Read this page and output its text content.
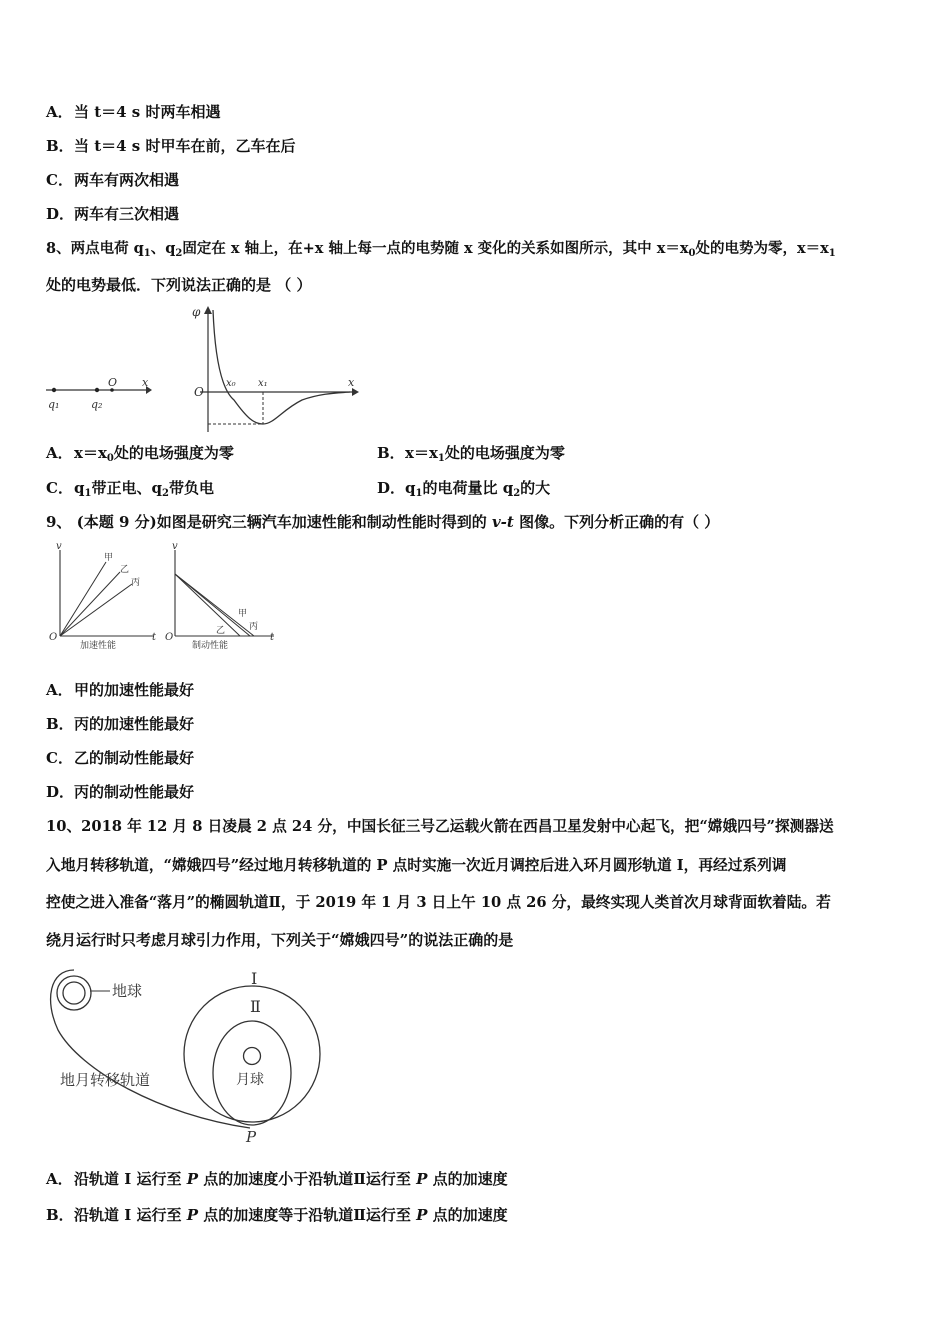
A．当 t＝4 s 时两车相遇
B．当 t＝4 s 时甲车在前，乙车在后
C．两车有两次相遇
D．两车有三次相遇
8、两点电荷 $q_1$、$q_2$固定在 x 轴上，在+x 轴上每一点的电势随 x 变化的关系如图所示，其中 $x=x_0$处的电势为零，$x=x_1$
处的电势最低．下列说法正确的是 （ ）
q₁	q₂
O x
φ
O
x
x₀ x₁
A．$x=x_0$处的电场强度为零	B．$x=x_1$处的电场强度为零
C．$q_1$带正电、$q_2$带负电	D．$q_1$的电荷量比 $q_2$的大
9、 (本题 9 分)如图是研究三辆汽车加速性能和制动性能时得到的 v-t 图像。下列分析正确的有（ ）
v
t
O
甲
乙
丙
加速性能
v
t
O
甲
乙	丙
制动性能
A．甲的加速性能最好
B．丙的加速性能最好
C．乙的制动性能最好
D．丙的制动性能最好
10、2018 年 12 月 8 日凌晨 2 点 24 分，中国长征三号乙运载火箭在西昌卫星发射中心起飞，把“嫦娥四号”探测器送
入地月转移轨道，“嫦娥四号”经过地月转移轨道的 P 点时实施一次近月调控后进入环月圆形轨道 I，再经过系列调
控使之进入准备“落月”的椭圆轨道Ⅱ，于 2019 年 1 月 3 日上午 10 点 26 分，最终实现人类首次月球背面软着陆。若
绕月运行时只考虑月球引力作用，下列关于“嫦娥四号”的说法正确的是
地球
地月转移轨道	月球
Ⅰ
Ⅱ
P
A．沿轨道 I 运行至 P 点的加速度小于沿轨道Ⅱ运行至 P 点的加速度
B．沿轨道 I 运行至 P 点的加速度等于沿轨道Ⅱ运行至 P 点的加速度
